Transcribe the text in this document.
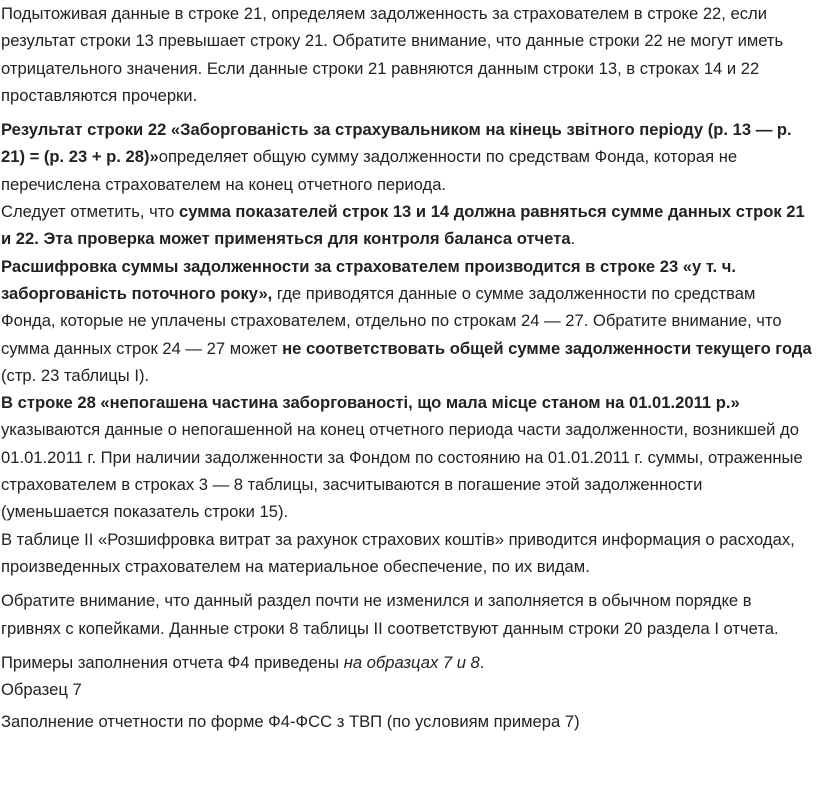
Подытоживая данные в строке 21, определяем задолженность за страхователем в строке 22, если результат строки 13 превышает строку 21. Обратите внимание, что данные строки 22 не могут иметь отрицательного значения. Если данные строки 21 равняются данным строки 13, в строках 14 и 22 проставляются прочерки.

Результат строки 22 «Заборгованість за страхувальником на кінець звітного періоду (р. 13 — р. 21) = (р. 23 + р. 28)»определяет общую сумму задолженности по средствам Фонда, которая не перечислена страхователем на конец отчетного периода.

Следует отметить, что сумма показателей строк 13 и 14 должна равняться сумме данных строк 21 и 22. Эта проверка может применяться для контроля баланса отчета.

Расшифровка суммы задолженности за страхователем производится в строке 23 «у т. ч. заборгованість поточного року», где приводятся данные о сумме задолженности по средствам Фонда, которые не уплачены страхователем, отдельно по строкам 24 — 27. Обратите внимание, что сумма данных строк 24 — 27 может не соответствовать общей сумме задолженности текущего года (стр. 23 таблицы І).

В строке 28 «непогашена частина заборгованості, що мала місце станом на 01.01.2011 р.» указываются данные о непогашенной на конец отчетного периода части задолженности, возникшей до 01.01.2011 г. При наличии задолженности за Фондом по состоянию на 01.01.2011 г. суммы, отраженные страхователем в строках 3 — 8 таблицы, засчитываются в погашение этой задолженности (уменьшается показатель строки 15).

В таблице ІІ «Розшифровка витрат за рахунок страхових коштів» приводится информация о расходах, произведенных страхователем на материальное обеспечение, по их видам.

Обратите внимание, что данный раздел почти не изменился и заполняется в обычном порядке в гривнях с копейками. Данные строки 8 таблицы ІІ соответствуют данным строки 20 раздела І отчета.

Примеры заполнения отчета Ф4 приведены на образцах 7 и 8.

Образец 7

Заполнение отчетности по форме Ф4-ФСС з ТВП (по условиям примера 7)
